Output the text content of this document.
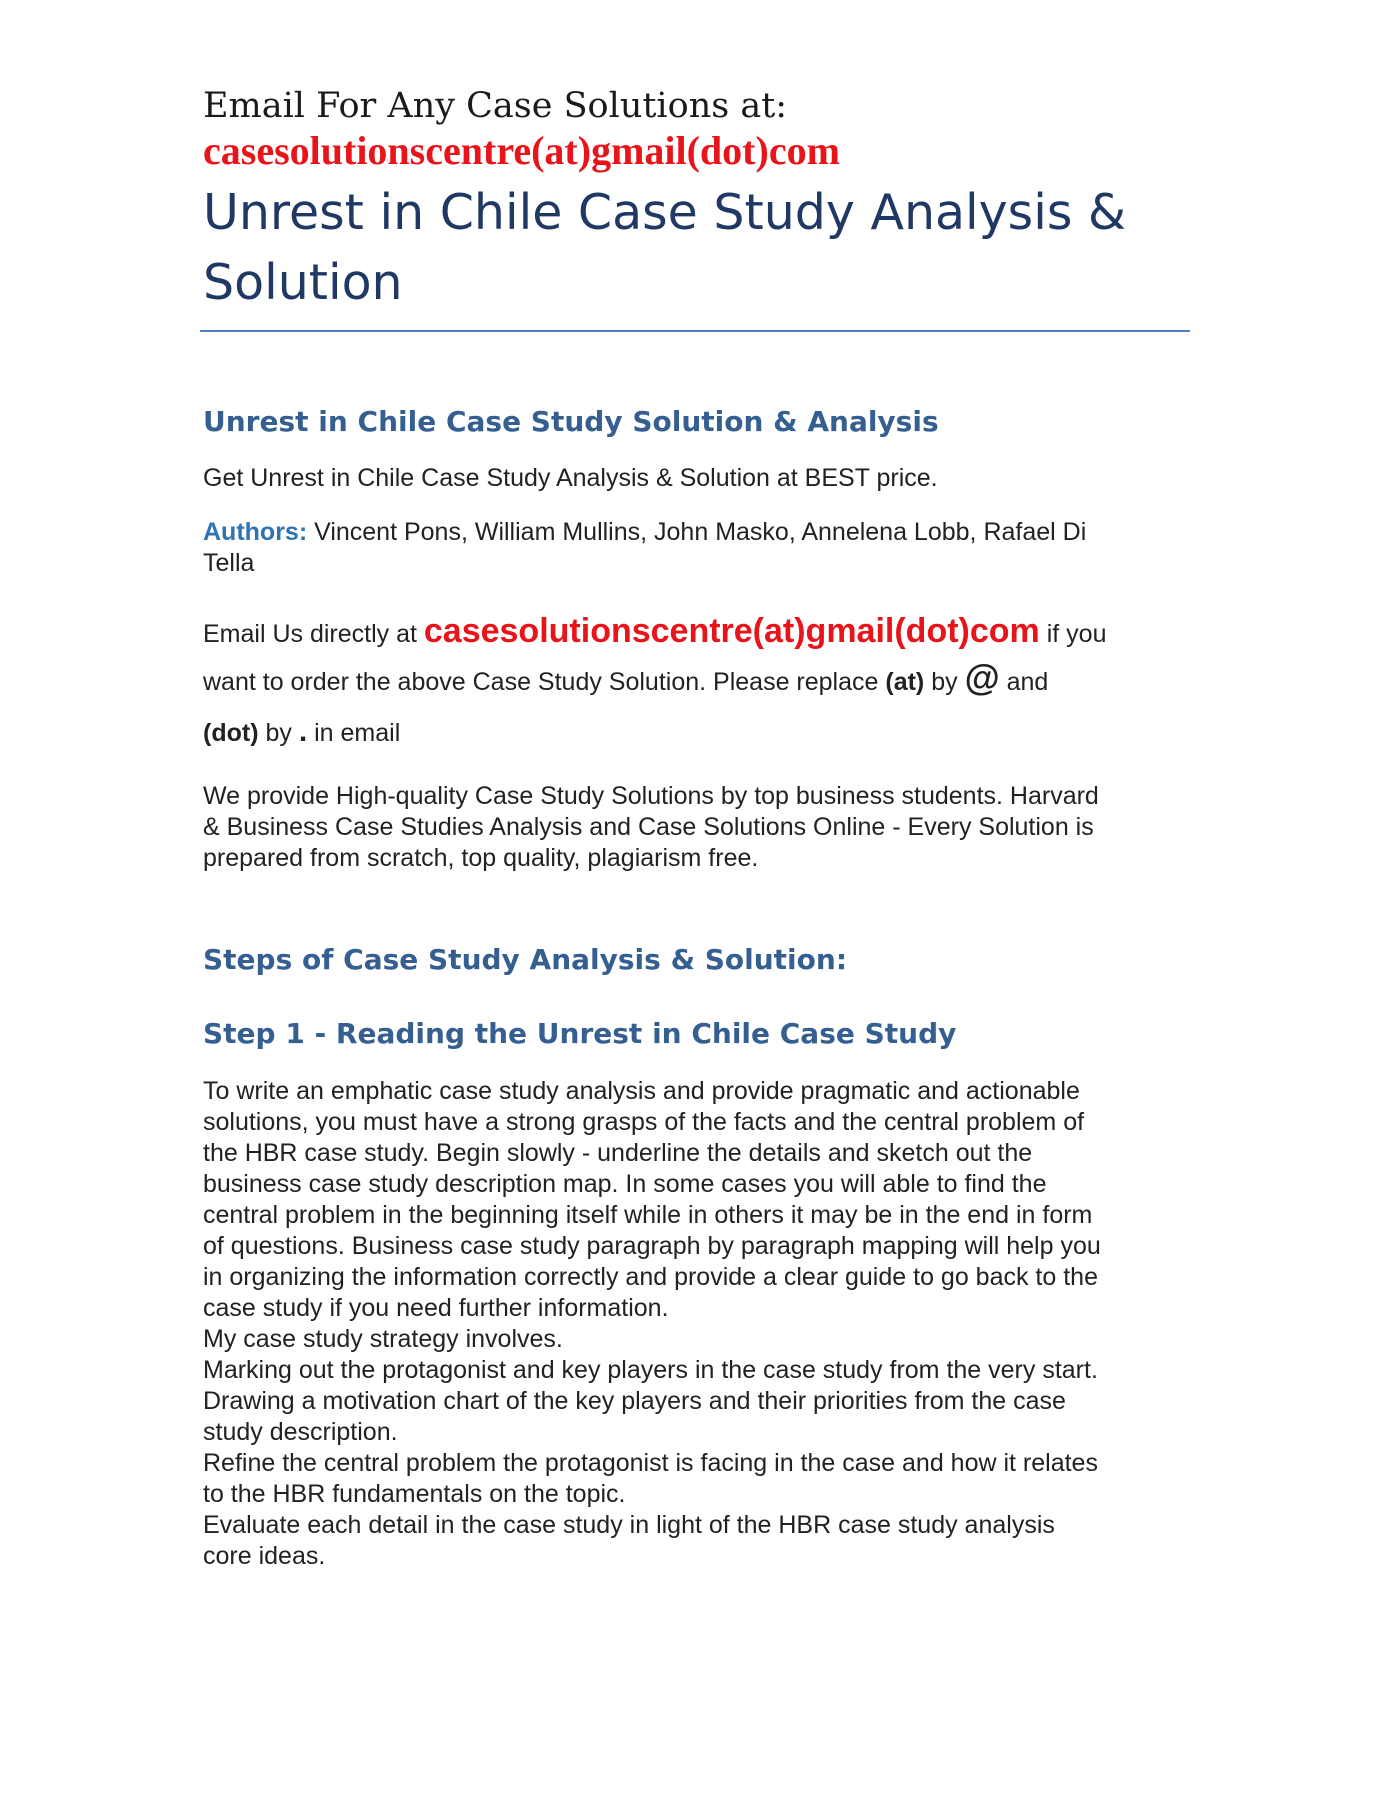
Email For Any Case Solutions at:

casesolutionscentre(at)gmail(dot)com

Unrest in Chile Case Study Analysis &
Solution
Unrest in Chile Case Study Solution & Analysis

Get Unrest in Chile Case Study Analysis & Solution at BEST price.

Authors: Vincent Pons, William Mullins, John Masko, Annelena Lobb, Rafael Di
Tella

Email Us directly at casesolutionscentre(at)gmail(dot)com if you
want to order the above Case Study Solution. Please replace (at) by @ and

(dot) by . in email

We provide High-quality Case Study Solutions by top business students. Harvard
& Business Case Studies Analysis and Case Solutions Online - Every Solution is
prepared from scratch, top quality, plagiarism free.

Steps of Case Study Analysis & Solution:
Step 1 - Reading the Unrest in Chile Case Study

To write an emphatic case study analysis and provide pragmatic and actionable
solutions, you must have a strong grasps of the facts and the central problem of
the HBR case study. Begin slowly - underline the details and sketch out the
business case study description map. In some cases you will able to find the
central problem in the beginning itself while in others it may be in the end in form
of questions. Business case study paragraph by paragraph mapping will help you
in organizing the information correctly and provide a clear guide to go back to the
case study if you need further information.
My case study strategy involves.
Marking out the protagonist and key players in the case study from the very start.
Drawing a motivation chart of the key players and their priorities from the case
study description.
Refine the central problem the protagonist is facing in the case and how it relates
to the HBR fundamentals on the topic.
Evaluate each detail in the case study in light of the HBR case study analysis
core ideas.
